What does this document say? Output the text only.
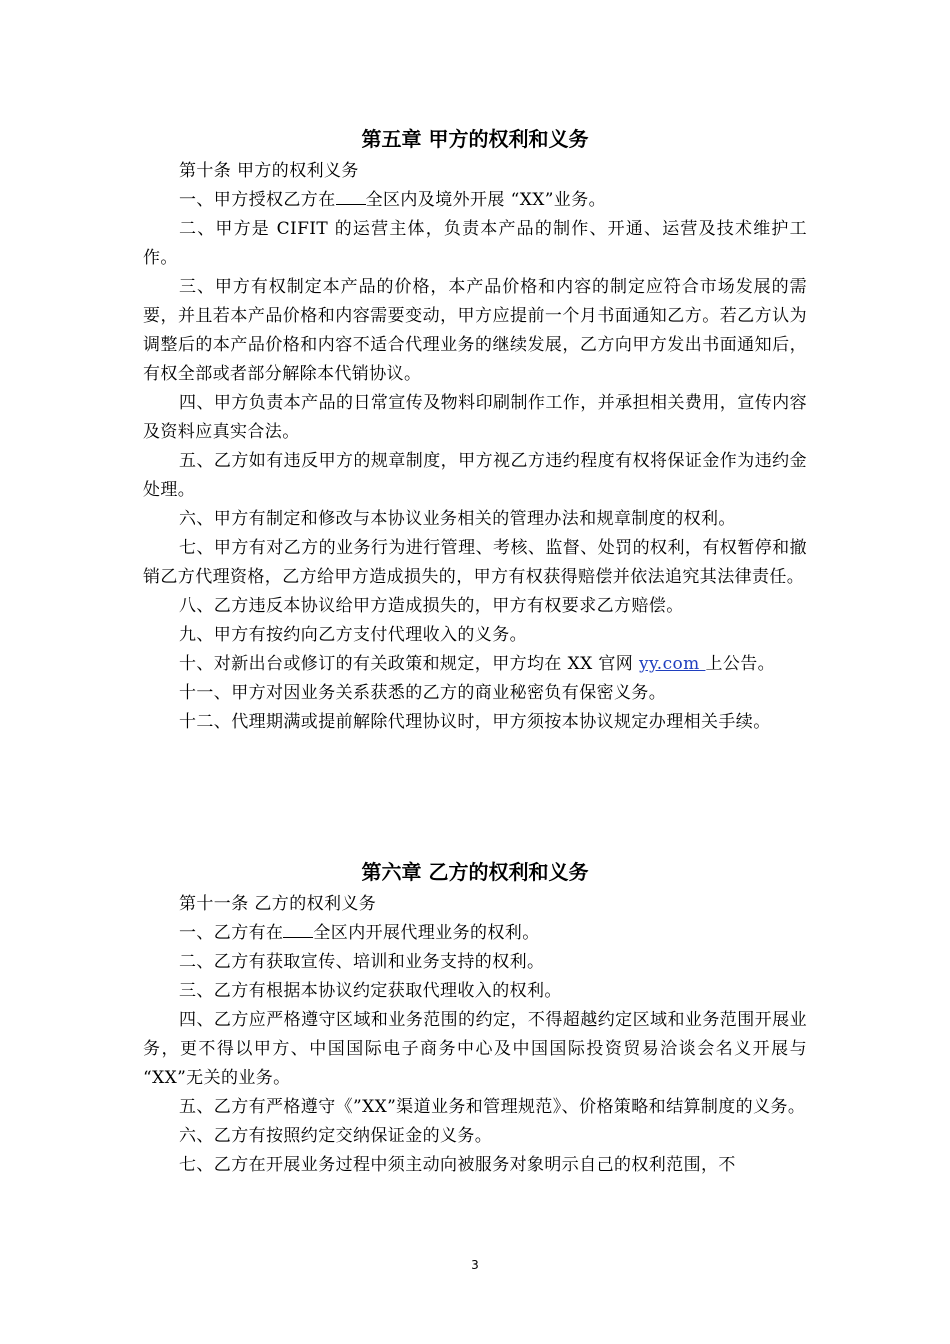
第五章 甲方的权利和义务

第十条 甲方的权利义务

一、甲方授权乙方在 全区内及境外开展 “XX”业务。

二、甲方是 CIFIT 的运营主体，负责本产品的制作、开通、运营及技术维护工作。

三、甲方有权制定本产品的价格，本产品价格和内容的制定应符合市场发展的需要，并且若本产品价格和内容需要变动，甲方应提前一个月书面通知乙方。若乙方认为调整后的本产品价格和内容不适合代理业务的继续发展，乙方向甲方发出书面通知后，有权全部或者部分解除本代销协议。

四、甲方负责本产品的日常宣传及物料印刷制作工作，并承担相关费用，宣传内容及资料应真实合法。

五、乙方如有违反甲方的规章制度，甲方视乙方违约程度有权将保证金作为违约金处理。

六、甲方有制定和修改与本协议业务相关的管理办法和规章制度的权利。

七、甲方有对乙方的业务行为进行管理、考核、监督、处罚的权利，有权暂停和撤销乙方代理资格，乙方给甲方造成损失的，甲方有权获得赔偿并依法追究其法律责任。

八、乙方违反本协议给甲方造成损失的，甲方有权要求乙方赔偿。

九、甲方有按约向乙方支付代理收入的义务。

十、对新出台或修订的有关政策和规定，甲方均在 XX 官网 yy.com 上公告。

十一、甲方对因业务关系获悉的乙方的商业秘密负有保密义务。

十二、代理期满或提前解除代理协议时，甲方须按本协议规定办理相关手续。

第六章 乙方的权利和义务

第十一条 乙方的权利义务

一、乙方有在 全区内开展代理业务的权利。

二、乙方有获取宣传、培训和业务支持的权利。

三、乙方有根据本协议约定获取代理收入的权利。

四、乙方应严格遵守区域和业务范围的约定，不得超越约定区域和业务范围开展业务，更不得以甲方、中国国际电子商务中心及中国国际投资贸易洽谈会名义开展与 “XX”无关的业务。

五、乙方有严格遵守《”XX”渠道业务和管理规范》、价格策略和结算制度的义务。

六、乙方有按照约定交纳保证金的义务。

七、乙方在开展业务过程中须主动向被服务对象明示自己的权利范围，不

3
